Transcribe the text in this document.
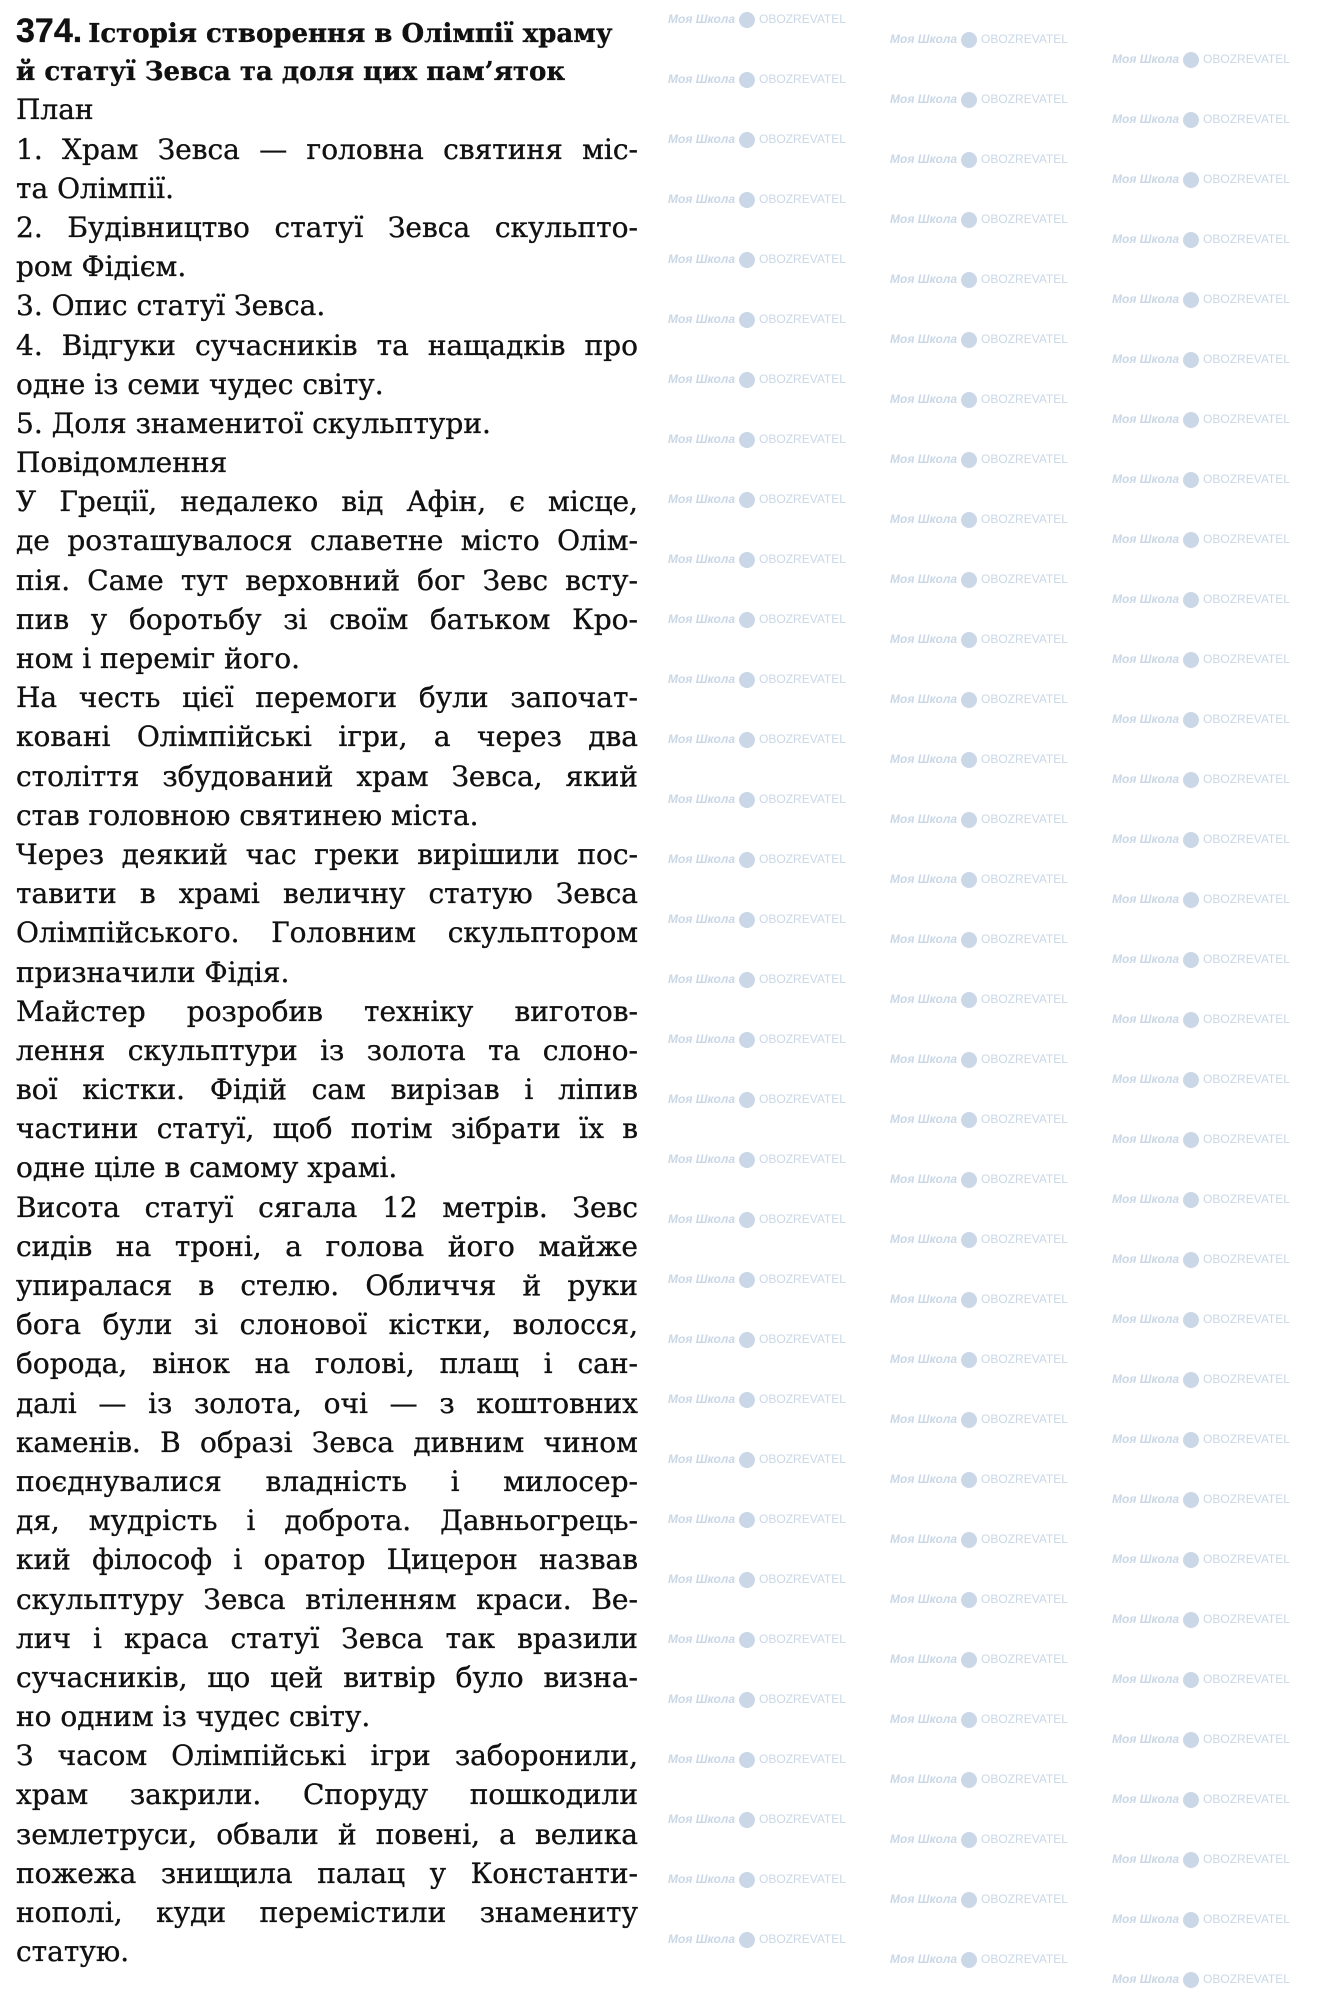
Моя Школа OBOZREVATEL
Моя Школа OBOZREVATEL
Моя Школа OBOZREVATEL
Моя Школа OBOZREVATEL
Моя Школа OBOZREVATEL
Моя Школа OBOZREVATEL
Моя Школа OBOZREVATEL
Моя Школа OBOZREVATEL
Моя Школа OBOZREVATEL
Моя Школа OBOZREVATEL
Моя Школа OBOZREVATEL
Моя Школа OBOZREVATEL
Моя Школа OBOZREVATEL
Моя Школа OBOZREVATEL
Моя Школа OBOZREVATEL
Моя Школа OBOZREVATEL
Моя Школа OBOZREVATEL
Моя Школа OBOZREVATEL
Моя Школа OBOZREVATEL
Моя Школа OBOZREVATEL
Моя Школа OBOZREVATEL
Моя Школа OBOZREVATEL
Моя Школа OBOZREVATEL
Моя Школа OBOZREVATEL
Моя Школа OBOZREVATEL
Моя Школа OBOZREVATEL
Моя Школа OBOZREVATEL
Моя Школа OBOZREVATEL
Моя Школа OBOZREVATEL
Моя Школа OBOZREVATEL
Моя Школа OBOZREVATEL
Моя Школа OBOZREVATEL
Моя Школа OBOZREVATEL
Моя Школа OBOZREVATEL
Моя Школа OBOZREVATEL
Моя Школа OBOZREVATEL
Моя Школа OBOZREVATEL
Моя Школа OBOZREVATEL
Моя Школа OBOZREVATEL
Моя Школа OBOZREVATEL
Моя Школа OBOZREVATEL
Моя Школа OBOZREVATEL
Моя Школа OBOZREVATEL
Моя Школа OBOZREVATEL
Моя Школа OBOZREVATEL
Моя Школа OBOZREVATEL
Моя Школа OBOZREVATEL
Моя Школа OBOZREVATEL
Моя Школа OBOZREVATEL
Моя Школа OBOZREVATEL
Моя Школа OBOZREVATEL
Моя Школа OBOZREVATEL
Моя Школа OBOZREVATEL
Моя Школа OBOZREVATEL
Моя Школа OBOZREVATEL
Моя Школа OBOZREVATEL
Моя Школа OBOZREVATEL
Моя Школа OBOZREVATEL
Моя Школа OBOZREVATEL
Моя Школа OBOZREVATEL
Моя Школа OBOZREVATEL
Моя Школа OBOZREVATEL
Моя Школа OBOZREVATEL
Моя Школа OBOZREVATEL
Моя Школа OBOZREVATEL
Моя Школа OBOZREVATEL
Моя Школа OBOZREVATEL
Моя Школа OBOZREVATEL
Моя Школа OBOZREVATEL
Моя Школа OBOZREVATEL
Моя Школа OBOZREVATEL
Моя Школа OBOZREVATEL
Моя Школа OBOZREVATEL
Моя Школа OBOZREVATEL
Моя Школа OBOZREVATEL
Моя Школа OBOZREVATEL
Моя Школа OBOZREVATEL
Моя Школа OBOZREVATEL
Моя Школа OBOZREVATEL
Моя Школа OBOZREVATEL
Моя Школа OBOZREVATEL
Моя Школа OBOZREVATEL
Моя Школа OBOZREVATEL
Моя Школа OBOZREVATEL
Моя Школа OBOZREVATEL
Моя Школа OBOZREVATEL
Моя Школа OBOZREVATEL
Моя Школа OBOZREVATEL
Моя Школа OBOZREVATEL
Моя Школа OBOZREVATEL
Моя Школа OBOZREVATEL
Моя Школа OBOZREVATEL
Моя Школа OBOZREVATEL
Моя Школа OBOZREVATEL
Моя Школа OBOZREVATEL
Моя Школа OBOZREVATEL
Моя Школа OBOZREVATEL
Моя Школа OBOZREVATEL
Моя Школа OBOZREVATEL
374. Історія створення в Олімпії храму
й статуї Зевса та доля цих пам’яток
План
1. Храм Зевса — головна святиня міс-
та Олімпії.
2. Будівництво статуї Зевса скульпто-
ром Фідієм.
3. Опис статуї Зевса.
4. Відгуки сучасників та нащадків про
одне із семи чудес світу.
5. Доля знаменитої скульптури.
Повідомлення
У Греції, недалеко від Афін, є місце,
де розташувалося славетне місто Олім-
пія. Саме тут верховний бог Зевс всту-
пив у боротьбу зі своїм батьком Кро-
ном і переміг його.
На честь цієї перемоги були започат-
ковані Олімпійські ігри, а через два
століття збудований храм Зевса, який
став головною святинею міста.
Через деякий час греки вирішили пос-
тавити в храмі величну статую Зевса
Олімпійського. Головним скульптором
призначили Фідія.
Майстер розробив техніку виготов-
лення скульптури із золота та слоно-
вої кістки. Фідій сам вирізав і ліпив
частини статуї, щоб потім зібрати їх в
одне ціле в самому храмі.
Висота статуї сягала 12 метрів. Зевс
сидів на троні, а голова його майже
упиралася в стелю. Обличчя й руки
бога були зі слонової кістки, волосся,
борода, вінок на голові, плащ і сан-
далі — із золота, очі — з коштовних
каменів. В образі Зевса дивним чином
поєднувалися владність і милосер-
дя, мудрість і доброта. Давньогрець-
кий філософ і оратор Цицерон назвав
скульптуру Зевса втіленням краси. Ве-
лич і краса статуї Зевса так вразили
сучасників, що цей витвір було визна-
но одним із чудес світу.
З часом Олімпійські ігри заборонили,
храм закрили. Споруду пошкодили
землетруси, обвали й повені, а велика
пожежа знищила палац у Константи-
нополі, куди перемістили знамениту
статую.
